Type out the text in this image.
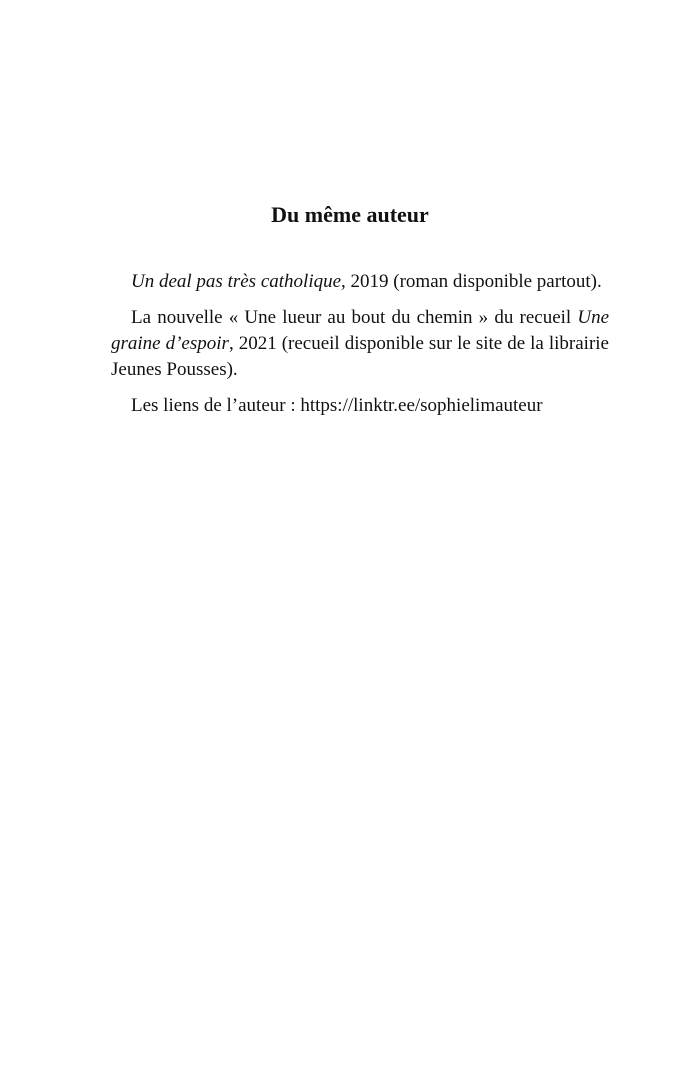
Du même auteur

Un deal pas très catholique, 2019 (roman disponible partout).

La nouvelle « Une lueur au bout du chemin » du recueil Une graine d’espoir, 2021 (recueil disponible sur le site de la librairie Jeunes Pousses).

Les liens de l’auteur : https://linktr.ee/sophielimauteur
